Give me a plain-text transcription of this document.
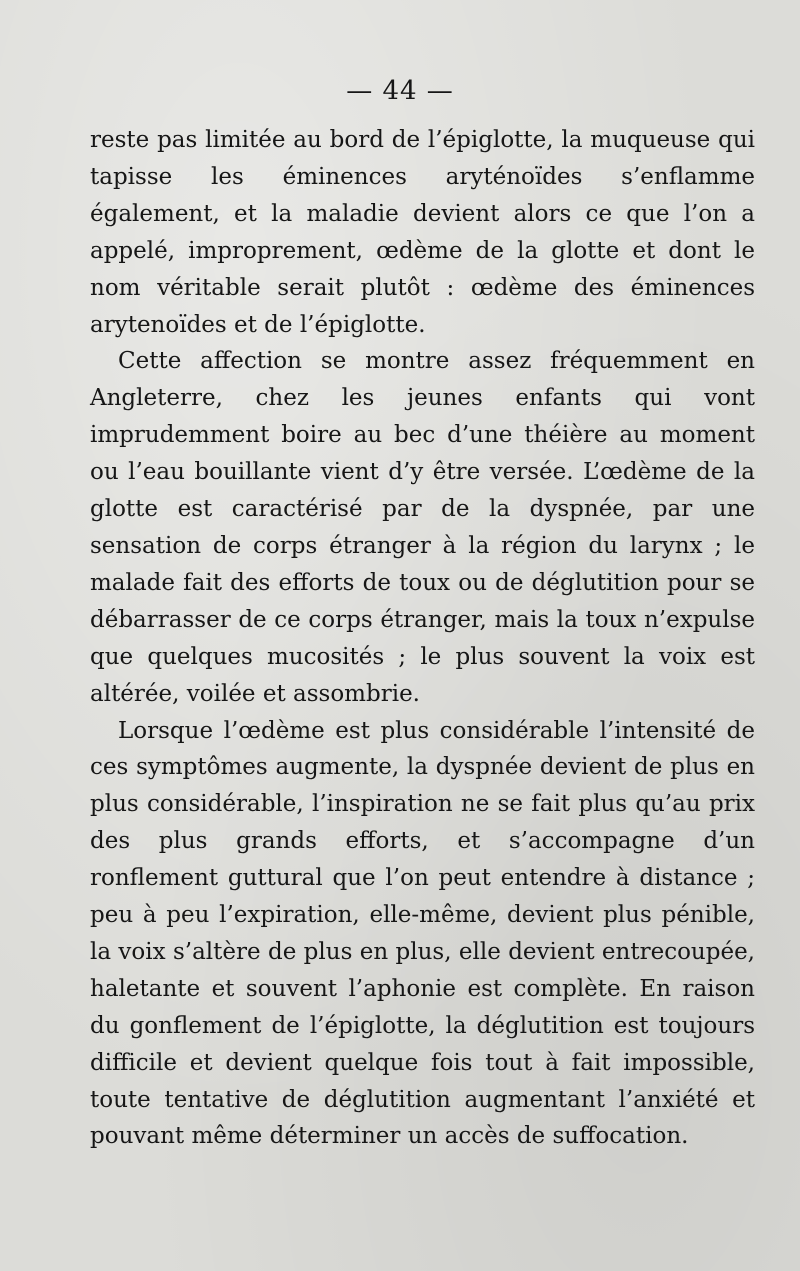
— 44 —

reste pas limitée au bord de l’épiglotte, la muqueuse qui tapisse les éminences aryténoïdes s’enflamme également, et la maladie devient alors ce que l’on a appelé, improprement, œdème de la glotte et dont le nom véritable serait plutôt : œdème des éminences arytenoïdes et de l’épiglotte.

Cette affection se montre assez fréquemment en Angleterre, chez les jeunes enfants qui vont imprudemment boire au bec d’une théière au moment ou l’eau bouillante vient d’y être versée. L’œdème de la glotte est caractérisé par de la dyspnée, par une sensation de corps étranger à la région du larynx ; le malade fait des efforts de toux ou de déglutition pour se débarrasser de ce corps étranger, mais la toux n’expulse que quelques mucosités ; le plus souvent la voix est altérée, voilée et assombrie.

Lorsque l’œdème est plus considérable l’intensité de ces symptômes augmente, la dyspnée devient de plus en plus considérable, l’inspiration ne se fait plus qu’au prix des plus grands efforts, et s’accompagne d’un ronflement guttural que l’on peut entendre à distance ; peu à peu l’expiration, elle-même, devient plus pénible, la voix s’altère de plus en plus, elle devient entrecoupée, haletante et souvent l’aphonie est complète. En raison du gonflement de l’épiglotte, la déglutition est toujours difficile et devient quelque fois tout à fait impossible, toute tentative de déglutition augmentant l’anxiété et pouvant même déterminer un accès de suffocation.
